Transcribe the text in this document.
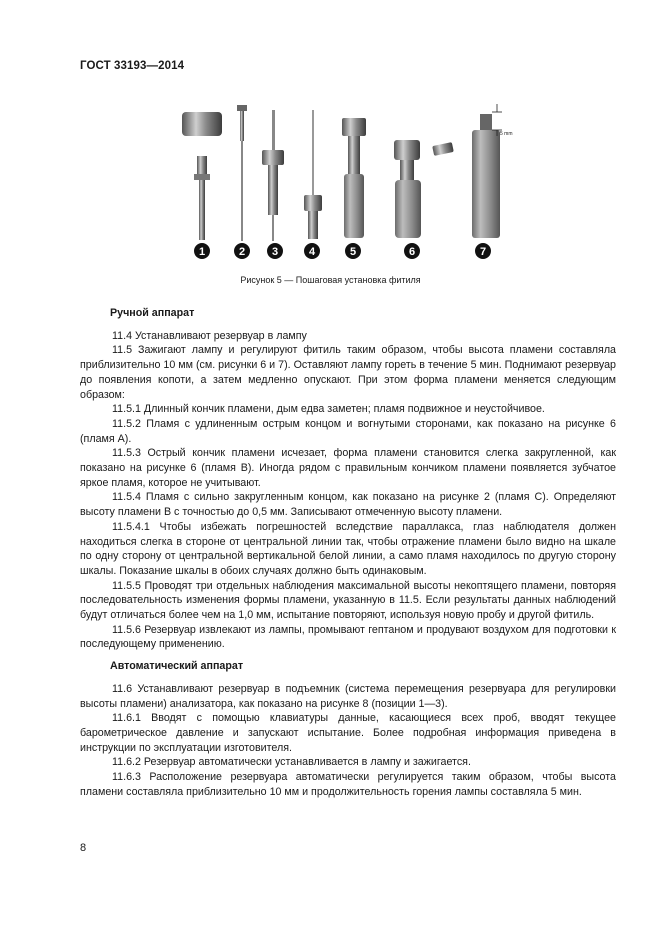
ГОСТ 33193—2014
5 mm
1	2 3	4	5	6	7
Рисунок 5 — Пошаговая установка фитиля
Ручной аппарат

11.4 Устанавливают резервуар в лампу

11.5 Зажигают лампу и регулируют фитиль таким образом, чтобы высота пламени составляла приблизительно 10 мм (см. рисунки 6 и 7). Оставляют лампу гореть в течение 5 мин. Поднимают резервуар до появления копоти, а затем медленно опускают. При этом форма пламени меняется следующим образом:

11.5.1 Длинный кончик пламени, дым едва заметен; пламя подвижное и неустойчивое.

11.5.2 Пламя с удлиненным острым концом и вогнутыми сторонами, как показано на рисунке 6 (пламя А).

11.5.3 Острый кончик пламени исчезает, форма пламени становится слегка закругленной, как показано на рисунке 6 (пламя В). Иногда рядом с правильным кончиком пламени появляется зубчатое яркое пламя, которое не учитывают.

11.5.4 Пламя с сильно закругленным концом, как показано на рисунке 2 (пламя С). Определяют высоту пламени В с точностью до 0,5 мм. Записывают отмеченную высоту пламени.

11.5.4.1 Чтобы избежать погрешностей вследствие параллакса, глаз наблюдателя должен находиться слегка в стороне от центральной линии так, чтобы отражение пламени было видно на шкале по одну сторону от центральной вертикальной белой линии, а само пламя находилось по другую сторону шкалы. Показание шкалы в обоих случаях должно быть одинаковым.

11.5.5 Проводят три отдельных наблюдения максимальной высоты некоптящего пламени, повторяя последовательность изменения формы пламени, указанную в 11.5. Если результаты данных наблюдений будут отличаться более чем на 1,0 мм, испытание повторяют, используя новую пробу и другой фитиль.

11.5.6 Резервуар извлекают из лампы, промывают гептаном и продувают воздухом для подготовки к последующему применению.

Автоматический аппарат

11.6 Устанавливают резервуар в подъемник (система перемещения резервуара для регулировки высоты пламени) анализатора, как показано на рисунке 8 (позиции 1—3).

11.6.1 Вводят с помощью клавиатуры данные, касающиеся всех проб, вводят текущее барометрическое давление и запускают испытание. Более подробная информация приведена в инструкции по эксплуатации изготовителя.

11.6.2 Резервуар автоматически устанавливается в лампу и зажигается.

11.6.3 Расположение резервуара автоматически регулируется таким образом, чтобы высота пламени составляла приблизительно 10 мм и продолжительность горения лампы составляла 5 мин.

8
